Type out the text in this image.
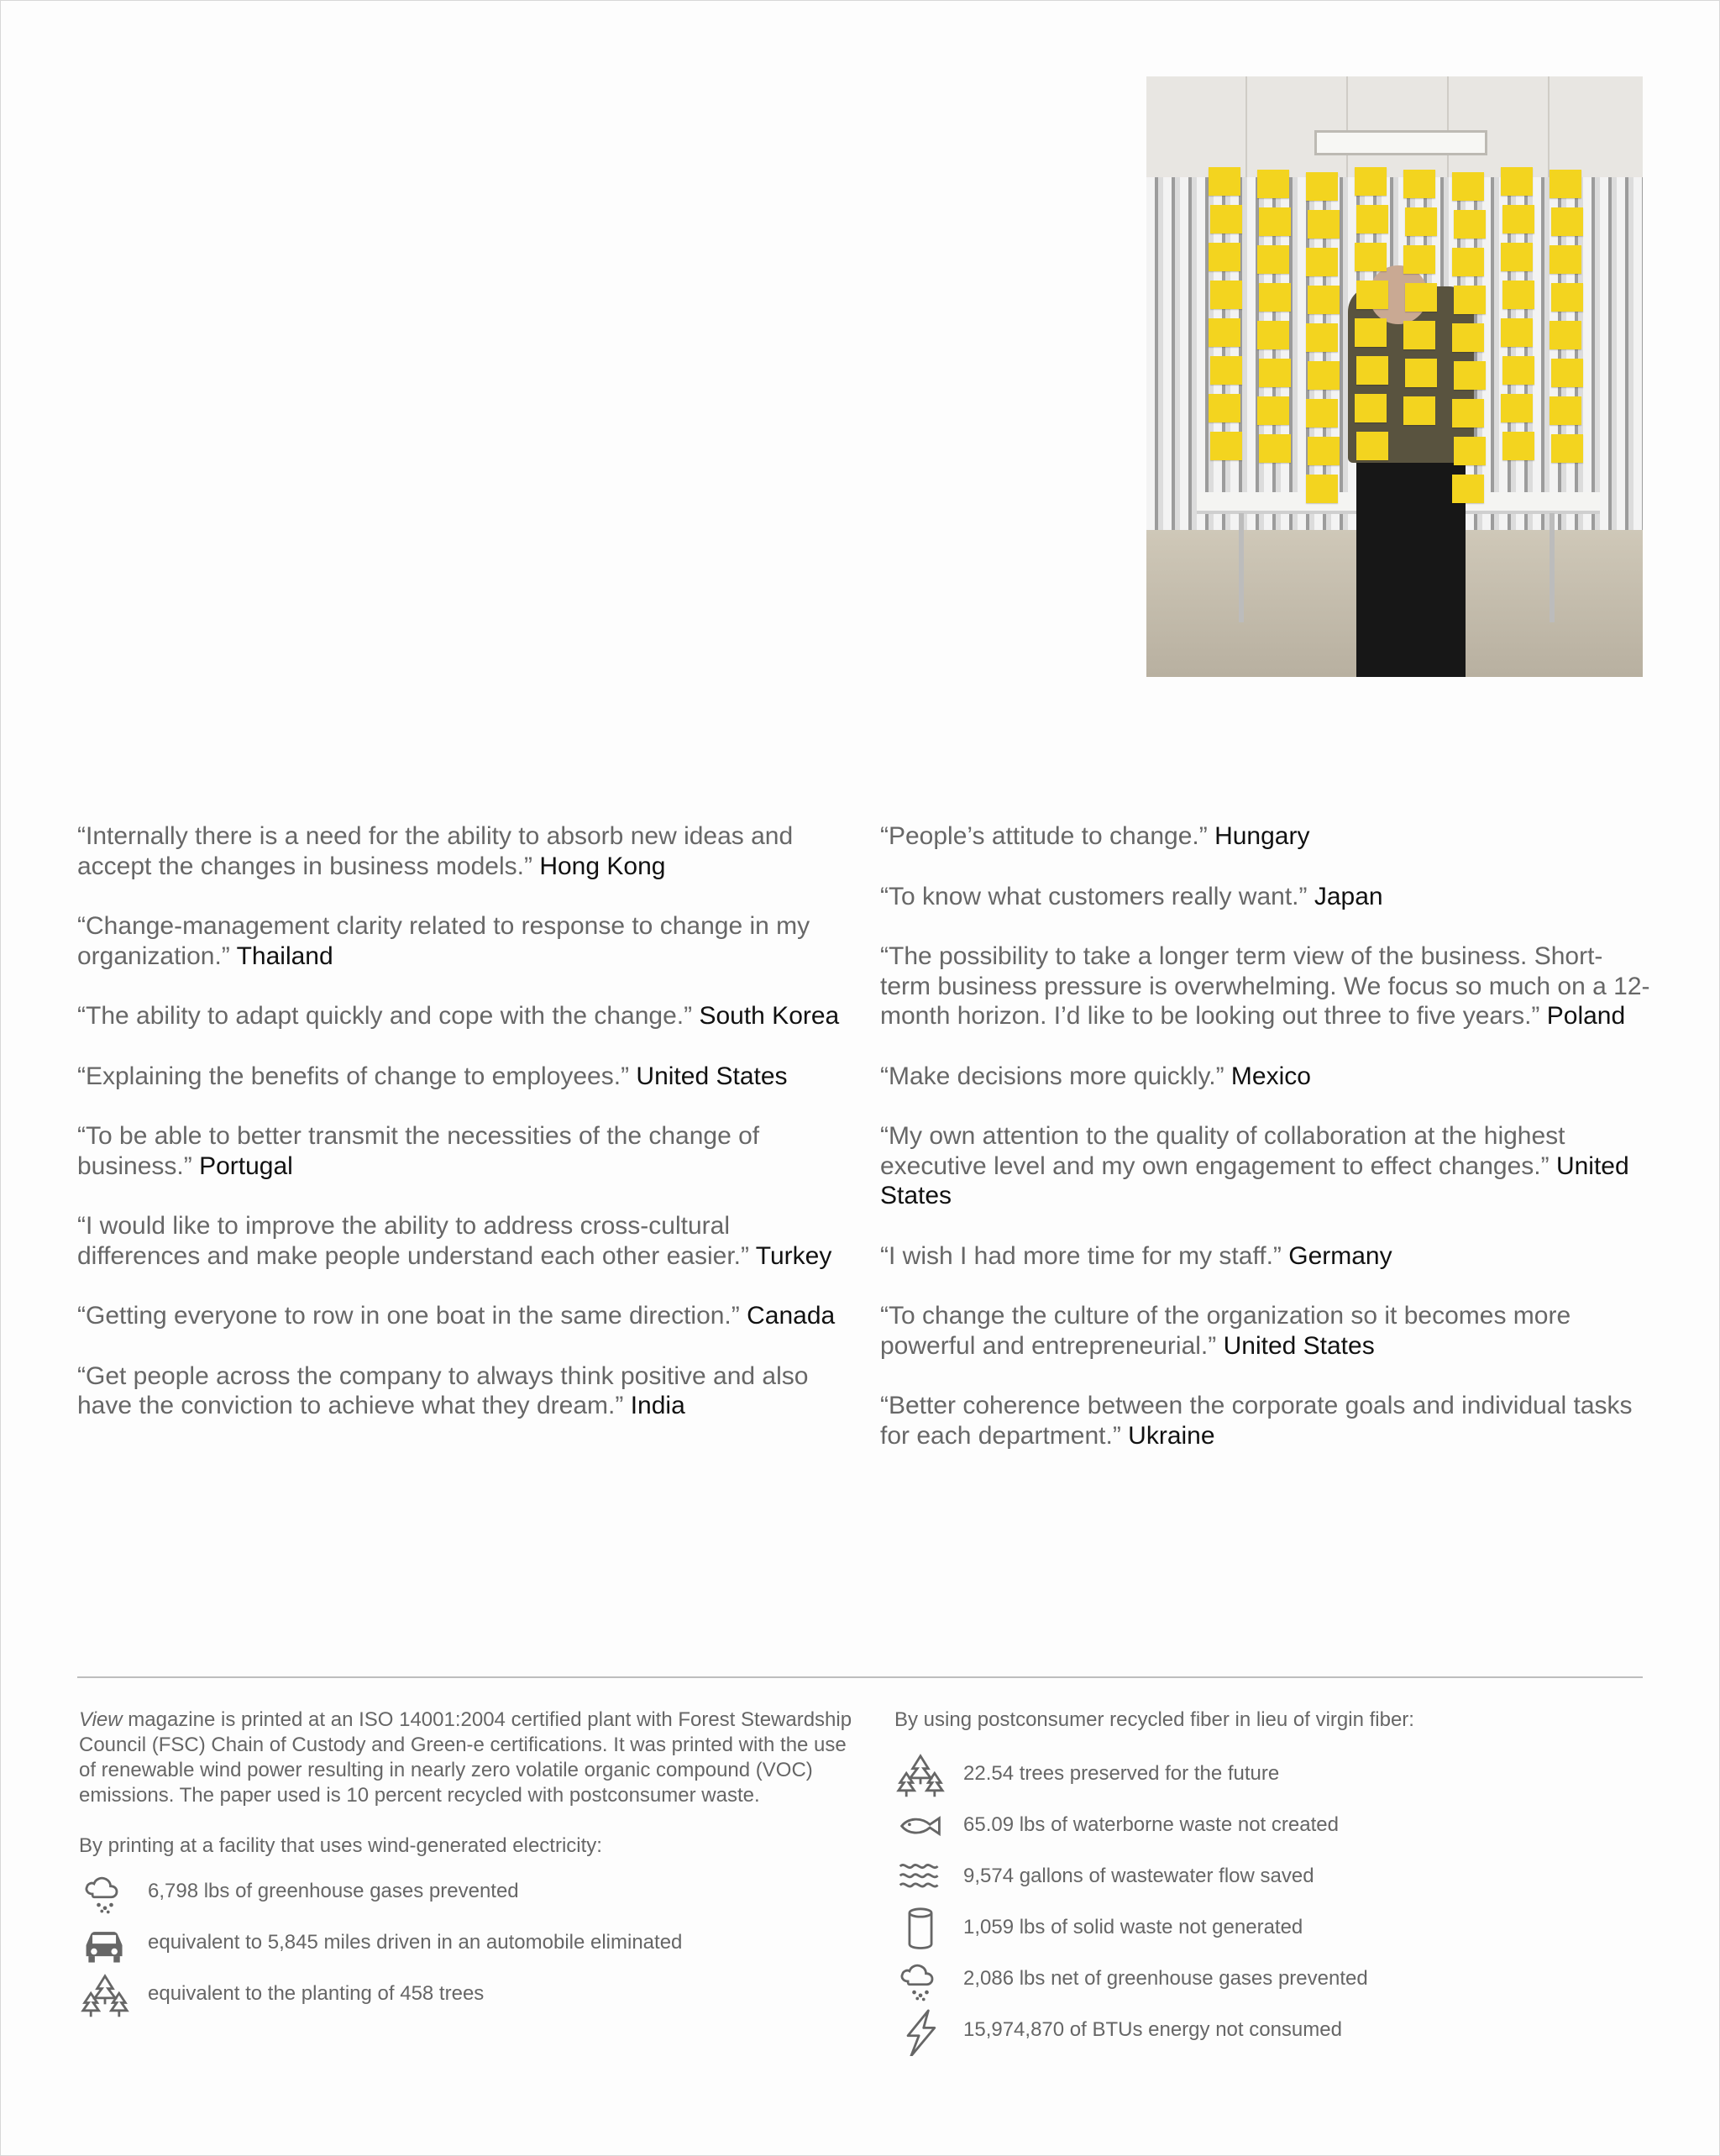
“Internally there is a need for the ability to absorb new ideas and accept the changes in business models.” Hong Kong
“Change-management clarity related to response to change in my organization.” Thailand
“The ability to adapt quickly and cope with the change.” South Korea
“Explaining the benefits of change to employees.” United States
“To be able to better transmit the necessities of the change of business.” Portugal
“I would like to improve the ability to address cross-cultural differences and make people understand each other easier.” Turkey
“Getting everyone to row in one boat in the same direction.” Canada
“Get people across the company to always think positive and also have the conviction to achieve what they dream.” India
“People’s attitude to change.” Hungary
“To know what customers really want.” Japan
“The possibility to take a longer term view of the business. Short-term business pressure is overwhelming. We focus so much on a 12-month horizon. I’d like to be looking out three to five years.” Poland
“Make decisions more quickly.” Mexico
“My own attention to the quality of collaboration at the highest executive level and my own engagement to effect changes.” United States
“I wish I had more time for my staff.” Germany
“To change the culture of the organization so it becomes more powerful and entrepreneurial.” United States
“Better coherence between the corporate goals and individual tasks for each department.” Ukraine
View magazine is printed at an ISO 14001:2004 certified plant with Forest Stewardship Council (FSC) Chain of Custody and Green-e certifications. It was printed with the use of renewable wind power resulting in nearly zero volatile organic compound (VOC) emissions. The paper used is 10 percent recycled with postconsumer waste.
By printing at a facility that uses wind-generated electricity:
6,798 lbs of greenhouse gases prevented
equivalent to 5,845 miles driven in an automobile eliminated
equivalent to the planting of 458 trees
By using postconsumer recycled fiber in lieu of virgin fiber:
22.54 trees preserved for the future
65.09 lbs of waterborne waste not created
9,574 gallons of wastewater flow saved
1,059 lbs of solid waste not generated
2,086 lbs net of greenhouse gases prevented
15,974,870 of BTUs energy not consumed
